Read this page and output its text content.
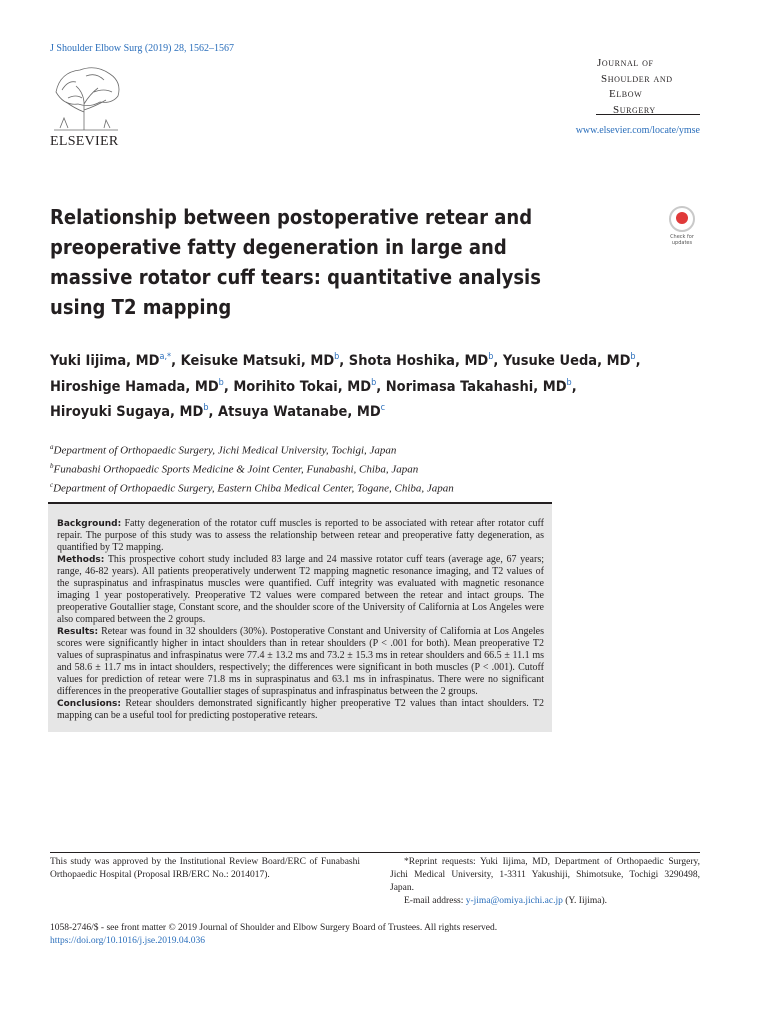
J Shoulder Elbow Surg (2019) 28, 1562–1567
ELSEVIER
Journal of
Shoulder and
Elbow
Surgery
www.elsevier.com/locate/ymse
Relationship between postoperative retear and preoperative fatty degeneration in large and massive rotator cuff tears: quantitative analysis using T2 mapping
Check for updates
Yuki Iijima, $MD^{a,*}$, Keisuke Matsuki, $MD^b$, Shota Hoshika, $MD^b$, Yusuke Ueda, $MD^b$,
Hiroshige Hamada, $MD^b$, Morihito Tokai, $MD^b$, Norimasa Takahashi, $MD^b$,
Hiroyuki Sugaya, $MD^b$, Atsuya Watanabe, $MD^c$
$^a$Department of Orthopaedic Surgery, Jichi Medical University, Tochigi, Japan
$^b$Funabashi Orthopaedic Sports Medicine & Joint Center, Funabashi, Chiba, Japan
$^c$Department of Orthopaedic Surgery, Eastern Chiba Medical Center, Togane, Chiba, Japan

Background: Fatty degeneration of the rotator cuff muscles is reported to be associated with retear after rotator cuff repair. The purpose of this study was to assess the relationship between retear and preoperative fatty degeneration, as quantified by T2 mapping.

Methods: This prospective cohort study included 83 large and 24 massive rotator cuff tears (average age, 67 years; range, 46-82 years). All patients preoperatively underwent T2 mapping magnetic resonance imaging, and T2 values of the supraspinatus and infraspinatus muscles were quantified. Cuff integrity was evaluated with magnetic resonance imaging 1 year postoperatively. Preoperative T2 values were compared between the retear and intact groups. The preoperative Goutallier stage, Constant score, and the shoulder score of the University of California at Los Angeles were also compared between the 2 groups.

Results: Retear was found in 32 shoulders (30%). Postoperative Constant and University of California at Los Angeles scores were significantly higher in intact shoulders than in retear shoulders (P < .001 for both). Mean preoperative T2 values of supraspinatus and infraspinatus were 77.4 ± 13.2 ms and 73.2 ± 15.3 ms in retear shoulders and 66.5 ± 11.1 ms and 58.6 ± 11.7 ms in intact shoulders, respectively; the differences were significant in both muscles (P < .001). Cutoff values for prediction of retear were 71.8 ms in supraspinatus and 63.1 ms in infraspinatus. There were no significant differences in the preoperative Goutallier stages of supraspinatus and infraspinatus between the 2 groups.

Conclusions: Retear shoulders demonstrated significantly higher preoperative T2 values than intact shoulders. T2 mapping can be a useful tool for predicting postoperative retears.

This study was approved by the Institutional Review Board/ERC of Funabashi Orthopaedic Hospital (Proposal IRB/ERC No.: 2014017).
*Reprint requests: Yuki Iijima, MD, Department of Orthopaedic Surgery, Jichi Medical University, 1-3311 Yakushiji, Shimotsuke, Tochigi 3290498, Japan.
E-mail address: y-jima@omiya.jichi.ac.jp (Y. Iijima).
1058-2746/$ - see front matter © 2019 Journal of Shoulder and Elbow Surgery Board of Trustees. All rights reserved.
https://doi.org/10.1016/j.jse.2019.04.036
